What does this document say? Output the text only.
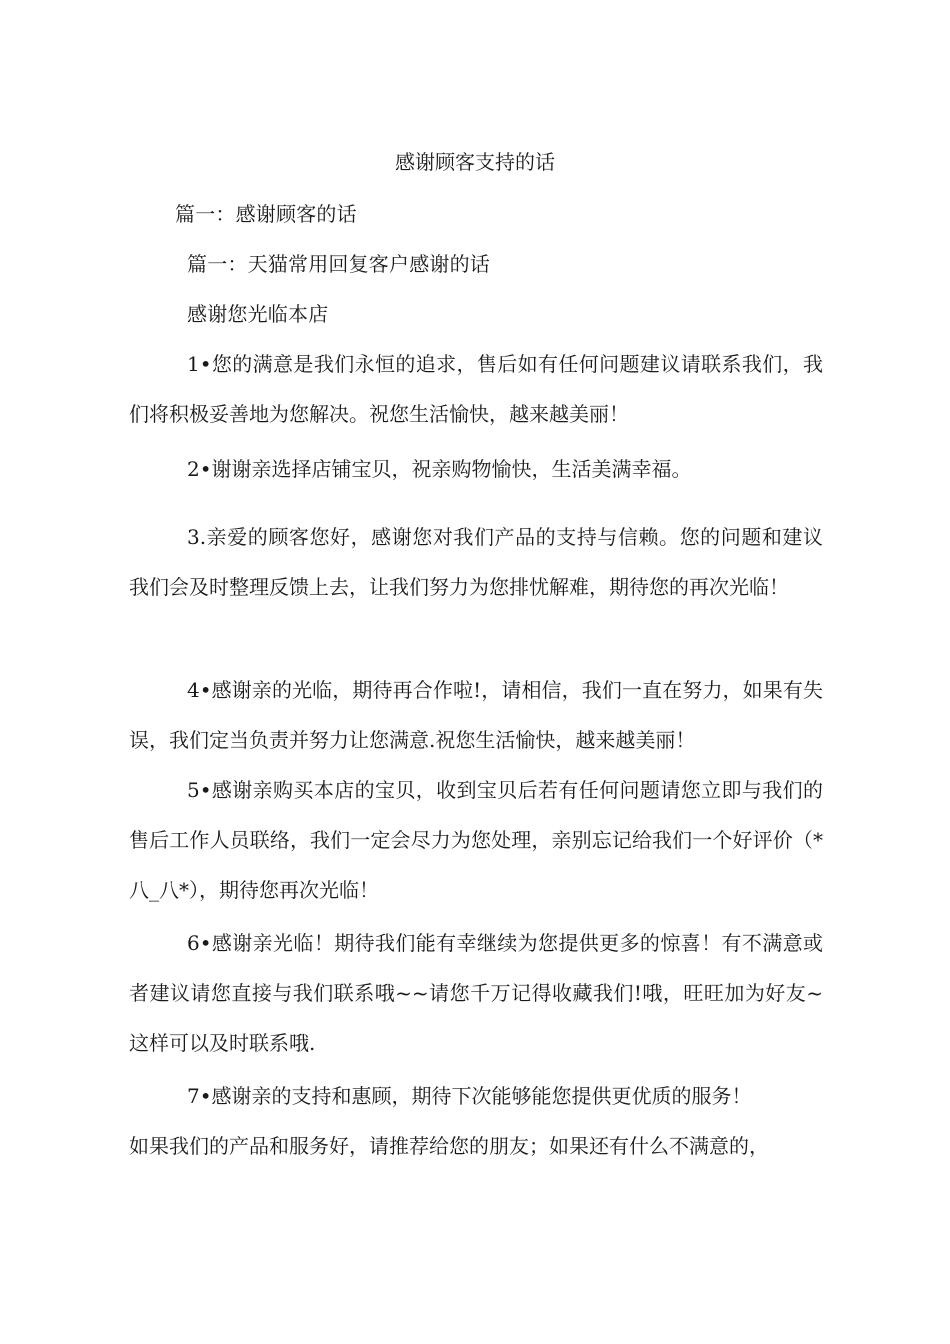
感谢顾客支持的话
篇一：感谢顾客的话
篇一：天猫常用回复客户感谢的话
感谢您光临本店
1•您的满意是我们永恒的追求，售后如有任何问题建议请联系我们，我们将积极妥善地为您解决。祝您生活愉快，越来越美丽！
2•谢谢亲选择店铺宝贝，祝亲购物愉快，生活美满幸福。
3.亲爱的顾客您好，感谢您对我们产品的支持与信赖。您的问题和建议我们会及时整理反馈上去，让我们努力为您排忧解难，期待您的再次光临！
4•感谢亲的光临，期待再合作啦!，请相信，我们一直在努力，如果有失误，我们定当负责并努力让您满意.祝您生活愉快，越来越美丽！
5•感谢亲购买本店的宝贝，收到宝贝后若有任何问题请您立即与我们的售后工作人员联络，我们一定会尽力为您处理，亲别忘记给我们一个好评价（*八_八*），期待您再次光临！
6•感谢亲光临！期待我们能有幸继续为您提供更多的惊喜！有不满意或者建议请您直接与我们联系哦~~请您千万记得收藏我们!哦，旺旺加为好友~这样可以及时联系哦.
7•感谢亲的支持和惠顾，期待下次能够能您提供更优质的服务！
如果我们的产品和服务好，请推荐给您的朋友；如果还有什么不满意的，
